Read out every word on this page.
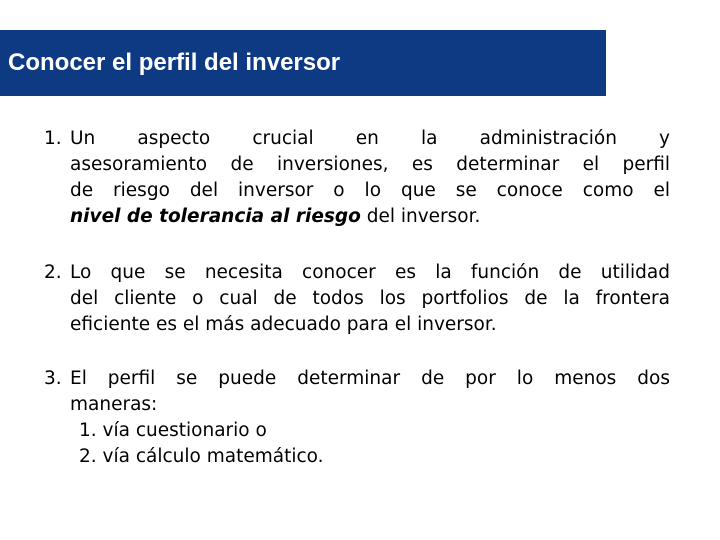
Conocer el perfil del inversor
1. Un aspecto crucial en la administración y
asesoramiento de inversiones, es determinar el perfil
de riesgo del inversor o lo que se conoce como el
nivel de tolerancia al riesgo del inversor.
2. Lo que se necesita conocer es la función de utilidad
del cliente o cual de todos los portfolios de la frontera
eficiente es el más adecuado para el inversor.
3. El perfil se puede determinar de por lo menos dos
maneras:
1. vía cuestionario o
2. vía cálculo matemático.
